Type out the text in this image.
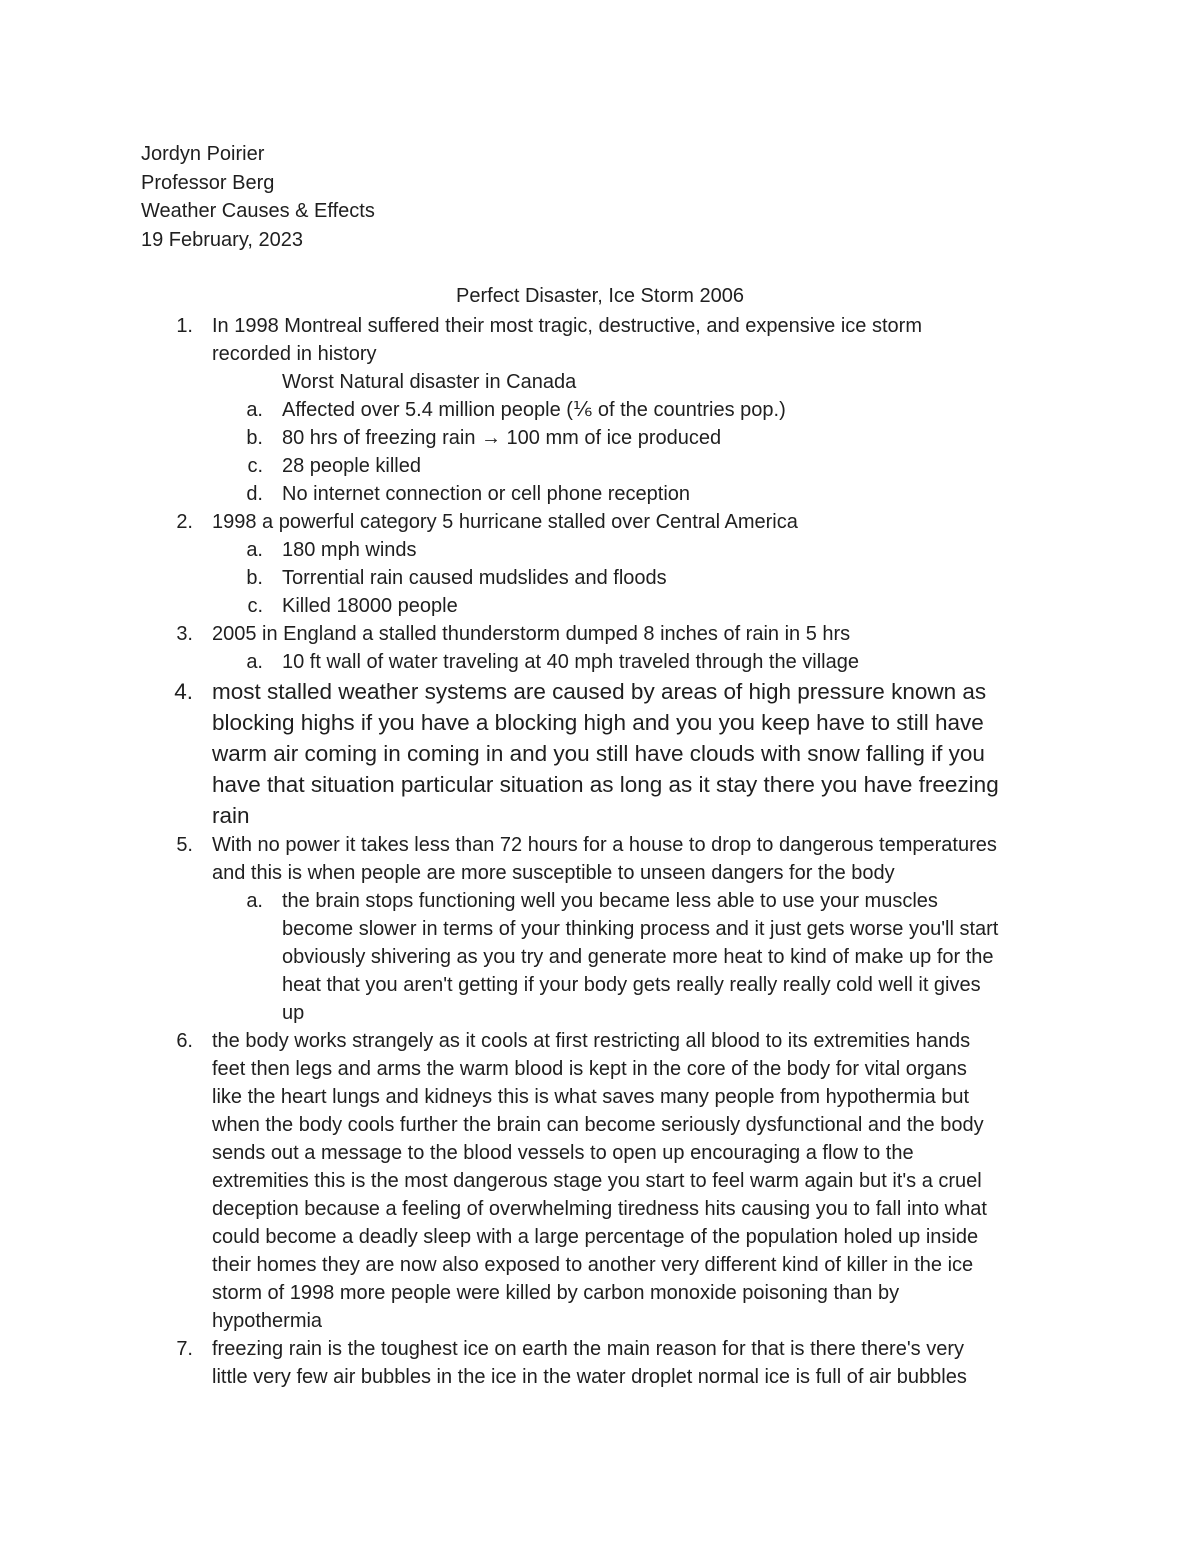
Jordyn Poirier
Professor Berg
Weather Causes & Effects
19 February, 2023
Perfect Disaster, Ice Storm 2006
1. In 1998 Montreal suffered their most tragic, destructive, and expensive ice storm
recorded in history
Worst Natural disaster in Canada
a. Affected over 5.4 million people (⅙ of the countries pop.)
b. 80 hrs of freezing rain → 100 mm of ice produced
c. 28 people killed
d. No internet connection or cell phone reception
2. 1998 a powerful category 5 hurricane stalled over Central America
a. 180 mph winds
b. Torrential rain caused mudslides and floods
c. Killed 18000 people
3. 2005 in England a stalled thunderstorm dumped 8 inches of rain in 5 hrs
a. 10 ft wall of water traveling at 40 mph traveled through the village
4. most stalled weather systems are caused by areas of high pressure known as
blocking highs if you have a blocking high and you you keep have to still have
warm air coming in coming in and you still have clouds with snow falling if you
have that situation particular situation as long as it stay there you have freezing
rain
5. With no power it takes less than 72 hours for a house to drop to dangerous temperatures
and this is when people are more susceptible to unseen dangers for the body
a. the brain stops functioning well you became less able to use your muscles
become slower in terms of your thinking process and it just gets worse you'll start
obviously shivering as you try and generate more heat to kind of make up for the
heat that you aren't getting if your body gets really really really cold well it gives
up
6. the body works strangely as it cools at first restricting all blood to its extremities hands
feet then legs and arms the warm blood is kept in the core of the body for vital organs
like the heart lungs and kidneys this is what saves many people from hypothermia but
when the body cools further the brain can become seriously dysfunctional and the body
sends out a message to the blood vessels to open up encouraging a flow to the
extremities this is the most dangerous stage you start to feel warm again but it's a cruel
deception because a feeling of overwhelming tiredness hits causing you to fall into what
could become a deadly sleep with a large percentage of the population holed up inside
their homes they are now also exposed to another very different kind of killer in the ice
storm of 1998 more people were killed by carbon monoxide poisoning than by
hypothermia
7. freezing rain is the toughest ice on earth the main reason for that is there there's very
little very few air bubbles in the ice in the water droplet normal ice is full of air bubbles
